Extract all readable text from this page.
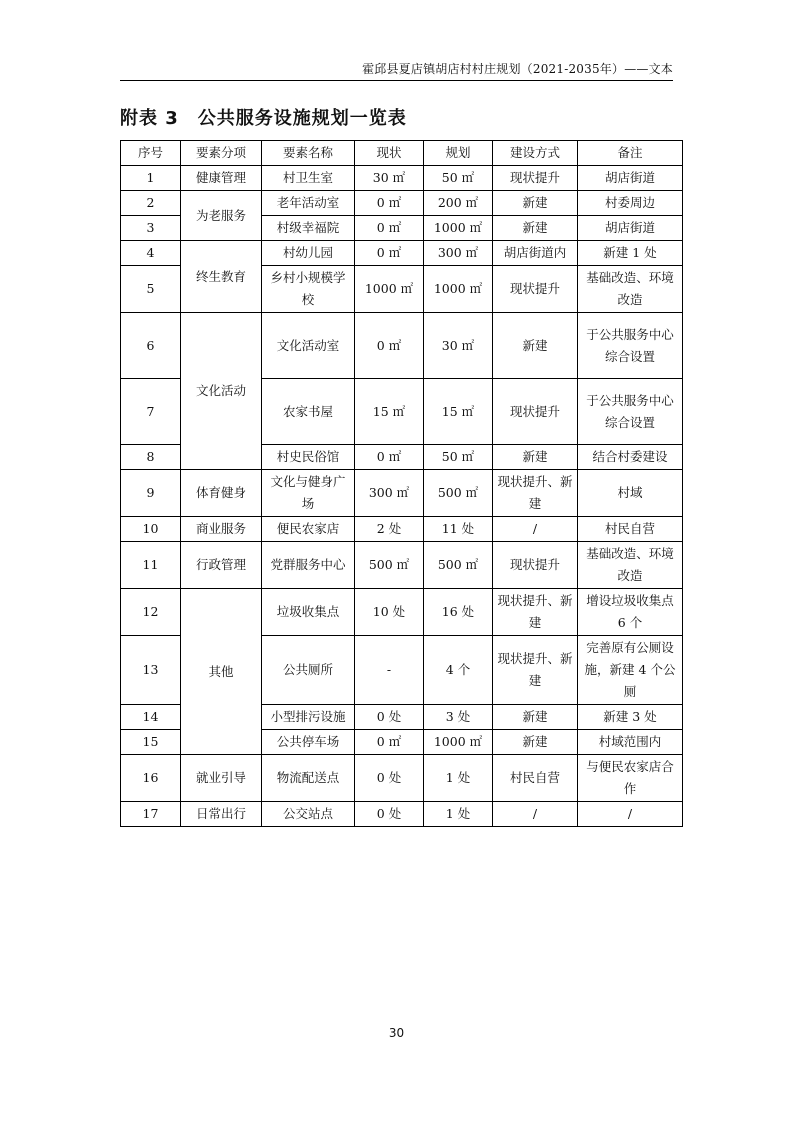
霍邱县夏店镇胡店村村庄规划（2021-2035年）——文本
附表 3　公共服务设施规划一览表
序号	要素分项	要素名称	现状	规划	建设方式	备注
1	健康管理	村卫生室	30 ㎡	50 ㎡	现状提升	胡店街道
2	为老服务	老年活动室	0 ㎡	200 ㎡	新建	村委周边
3		村级幸福院	0 ㎡	1000 ㎡	新建	胡店街道
4	终生教育	村幼儿园	0 ㎡	300 ㎡	胡店街道内	新建 1 处
5		乡村小规模学校	1000 ㎡	1000 ㎡	现状提升	基础改造、环境改造
6	文化活动	文化活动室	0 ㎡	30 ㎡	新建	于公共服务中心综合设置
7		农家书屋	15 ㎡	15 ㎡	现状提升	于公共服务中心综合设置
8		村史民俗馆	0 ㎡	50 ㎡	新建	结合村委建设
9	体育健身	文化与健身广场	300 ㎡	500 ㎡	现状提升、新建	村域
10	商业服务	便民农家店	2 处	11 处	/	村民自营
11	行政管理	党群服务中心	500 ㎡	500 ㎡	现状提升	基础改造、环境改造
12	其他	垃圾收集点	10 处	16 处	现状提升、新建	增设垃圾收集点 6 个
13		公共厕所	-	4 个	现状提升、新建	完善原有公厕设施，新建 4 个公厕
14		小型排污设施	0 处	3 处	新建	新建 3 处
15		公共停车场	0 ㎡	1000 ㎡	新建	村域范围内
16	就业引导	物流配送点	0 处	1 处	村民自营	与便民农家店合作
17	日常出行	公交站点	0 处	1 处	/	/
30
